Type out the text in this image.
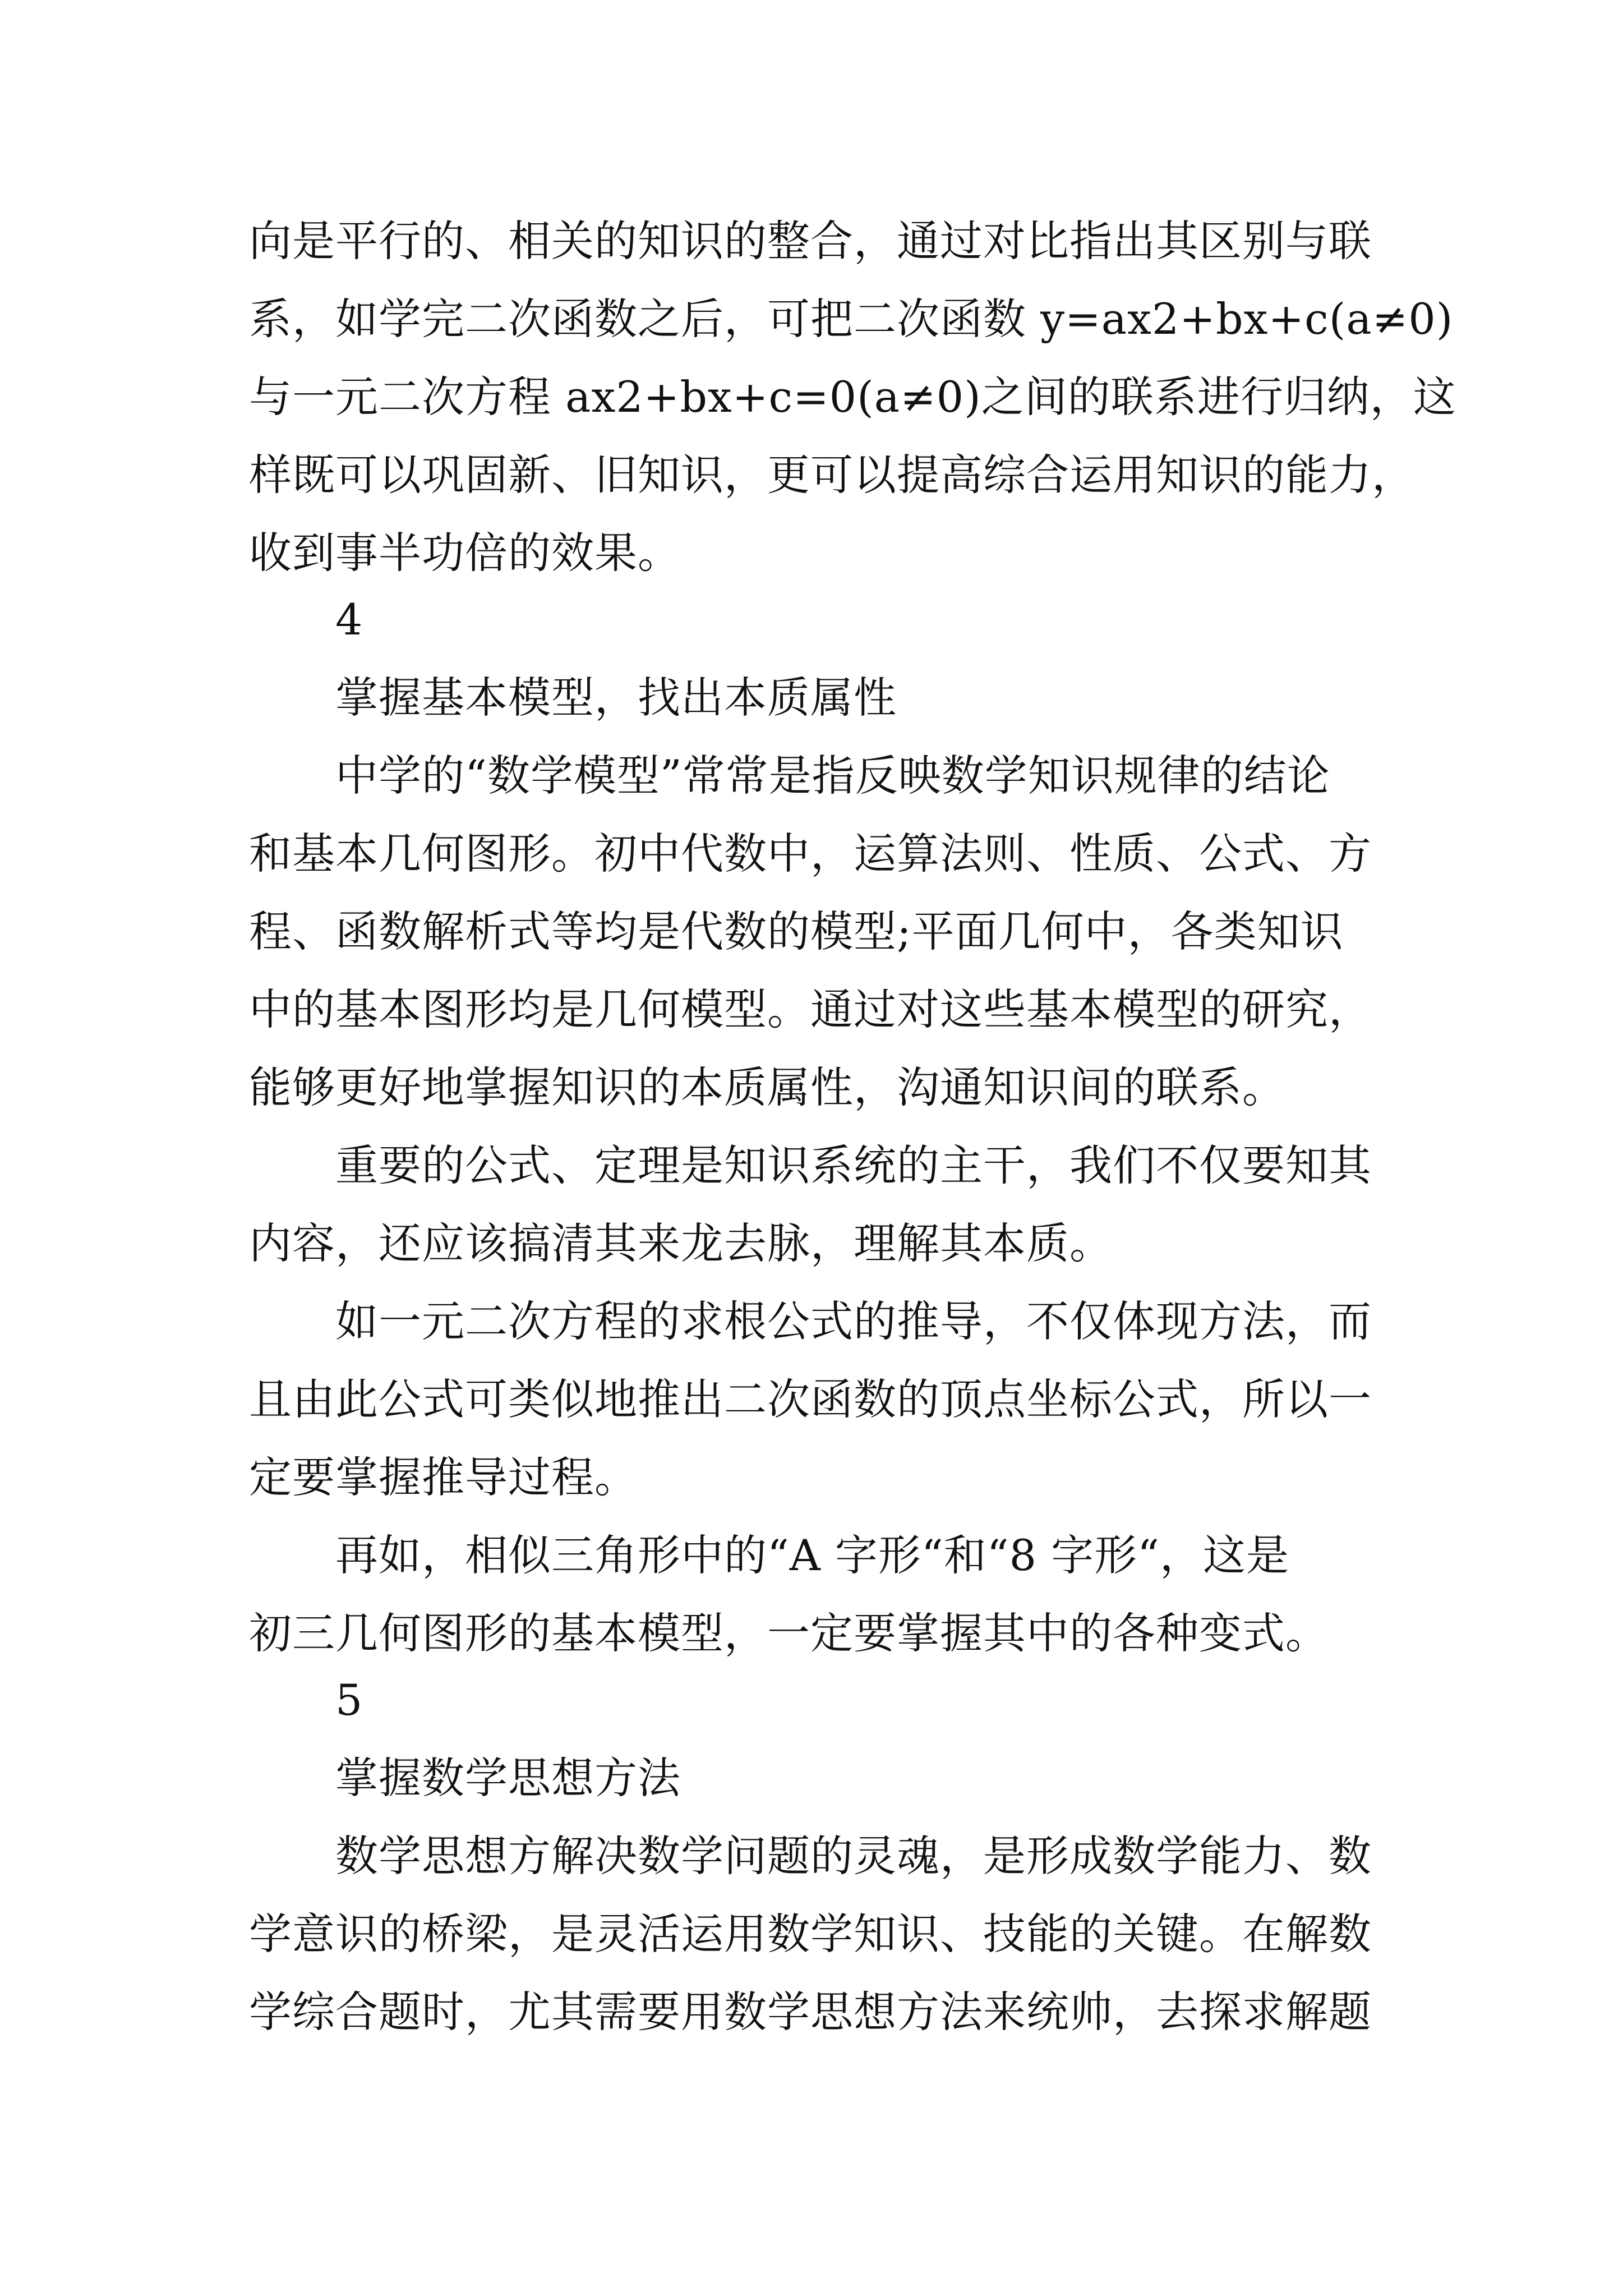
向是平行的、相关的知识的整合，通过对比指出其区别与联
系，如学完二次函数之后，可把二次函数 y=ax2+bx+c(a≠0)
与一元二次方程 ax2+bx+c=0(a≠0)之间的联系进行归纳，这
样既可以巩固新、旧知识，更可以提高综合运用知识的能力，
收到事半功倍的效果。
4
掌握基本模型，找出本质属性
中学的“数学模型”常常是指反映数学知识规律的结论
和基本几何图形。初中代数中，运算法则、性质、公式、方
程、函数解析式等均是代数的模型;平面几何中，各类知识
中的基本图形均是几何模型。通过对这些基本模型的研究，
能够更好地掌握知识的本质属性，沟通知识间的联系。
重要的公式、定理是知识系统的主干，我们不仅要知其
内容，还应该搞清其来龙去脉，理解其本质。
如一元二次方程的求根公式的推导，不仅体现方法，而
且由此公式可类似地推出二次函数的顶点坐标公式，所以一
定要掌握推导过程。
再如，相似三角形中的“A 字形“和“8 字形“，这是
初三几何图形的基本模型，一定要掌握其中的各种变式。
5
掌握数学思想方法
数学思想方解决数学问题的灵魂，是形成数学能力、数
学意识的桥梁，是灵活运用数学知识、技能的关键。在解数
学综合题时，尤其需要用数学思想方法来统帅，去探求解题
